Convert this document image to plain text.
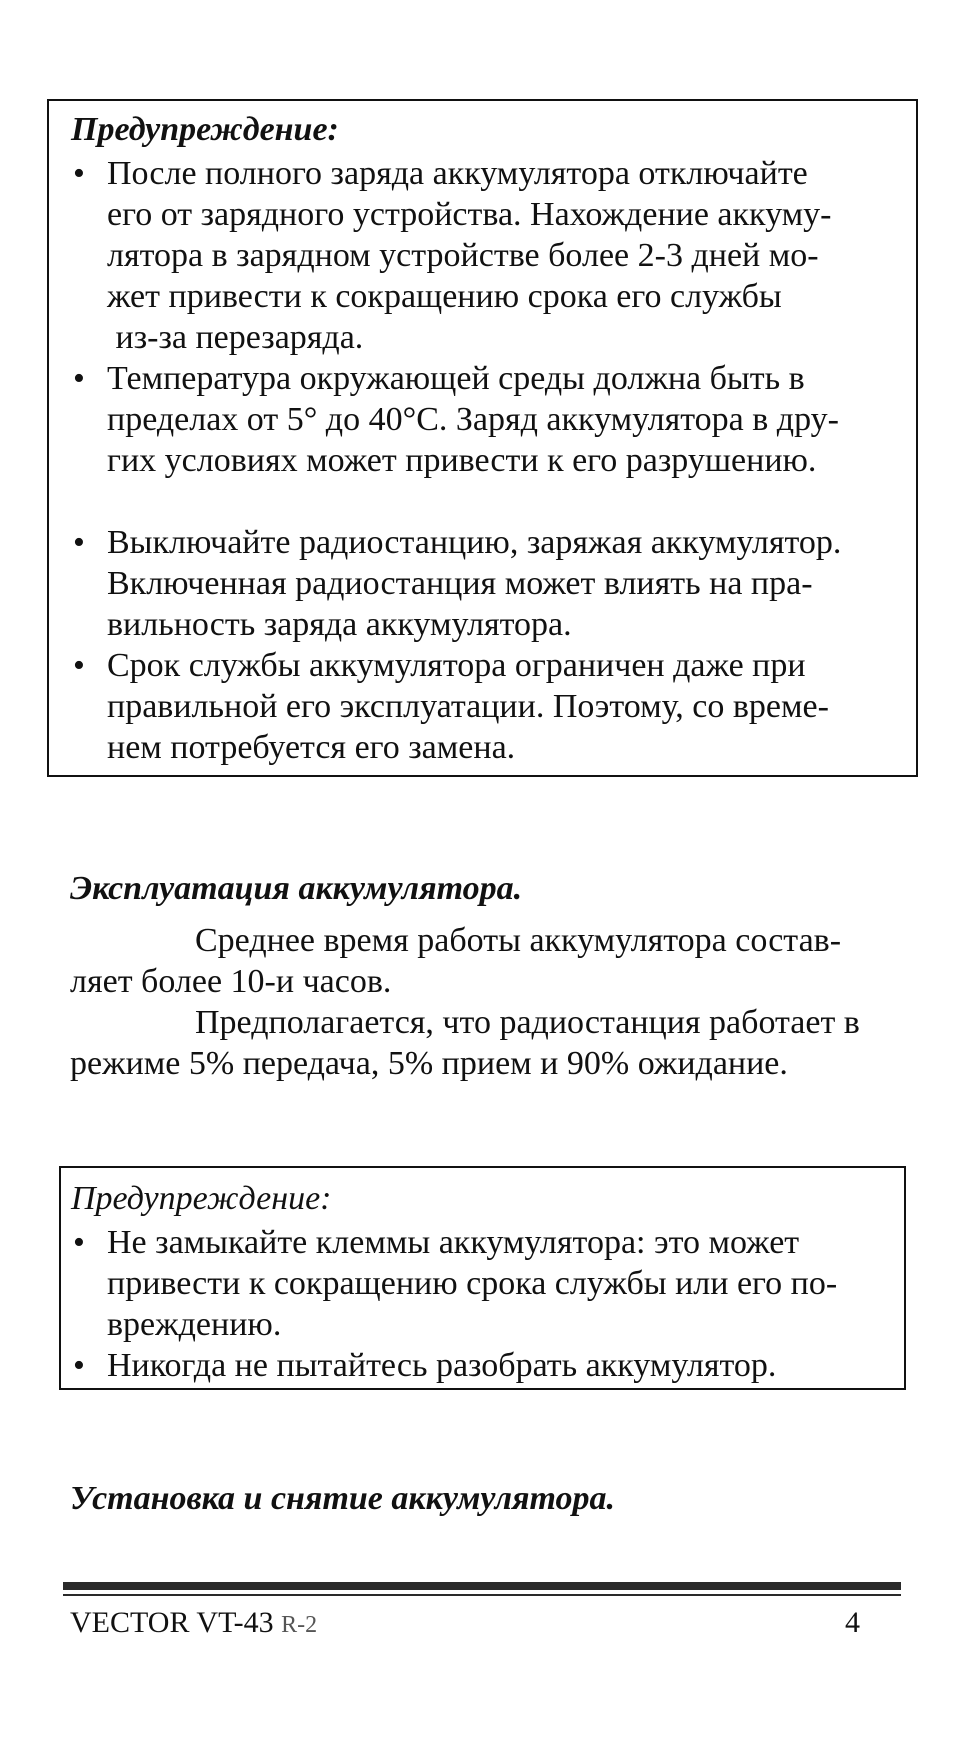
Предупреждение:
• После полного заряда аккумулятора отключайте
его от зарядного устройства. Нахождение аккуму-
лятора в зарядном устройстве более 2-3 дней мо-
жет привести к сокращению срока его службы
из-за перезаряда.
• Температура окружающей среды должна быть в
пределах от 5° до 40°С. Заряд аккумулятора в дру-
гих условиях может привести к его разрушению.
• Выключайте радиостанцию, заряжая аккумулятор.
Включенная радиостанция может влиять на пра-
вильность заряда аккумулятора.
• Срок службы аккумулятора ограничен даже при
правильной его эксплуатации. Поэтому, со време-
нем потребуется его замена.
Эксплуатация аккумулятора.
Среднее время работы аккумулятора состав-
ляет более 10-и часов.
Предполагается, что радиостанция работает в
режиме 5% передача, 5% прием и 90% ожидание.
Предупреждение:
• Не замыкайте клеммы аккумулятора: это может
привести к сокращению срока службы или его по-
вреждению.
• Никогда не пытайтесь разобрать аккумулятор.
Установка и снятие аккумулятора.
VECTOR VT-43 R-2	4
